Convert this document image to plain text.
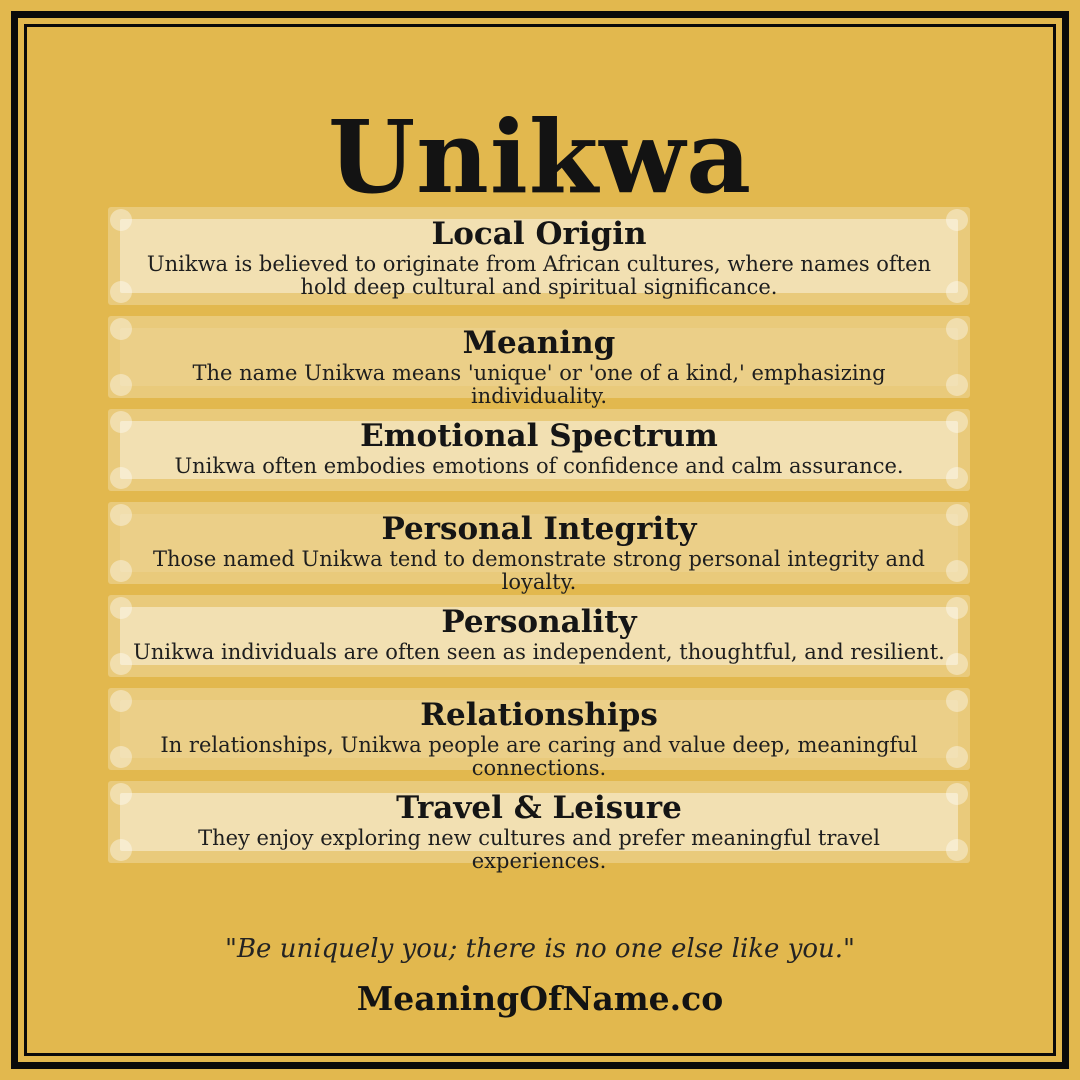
Unikwa
Local Origin
Unikwa is believed to originate from African cultures, where names often hold deep cultural and spiritual significance.
Meaning
The name Unikwa means 'unique' or 'one of a kind,' emphasizing individuality.
Emotional Spectrum
Unikwa often embodies emotions of confidence and calm assurance.
Personal Integrity
Those named Unikwa tend to demonstrate strong personal integrity and loyalty.
Personality
Unikwa individuals are often seen as independent, thoughtful, and resilient.
Relationships
In relationships, Unikwa people are caring and value deep, meaningful connections.
Travel & Leisure
They enjoy exploring new cultures and prefer meaningful travel experiences.
"Be uniquely you; there is no one else like you."
MeaningOfName.co
